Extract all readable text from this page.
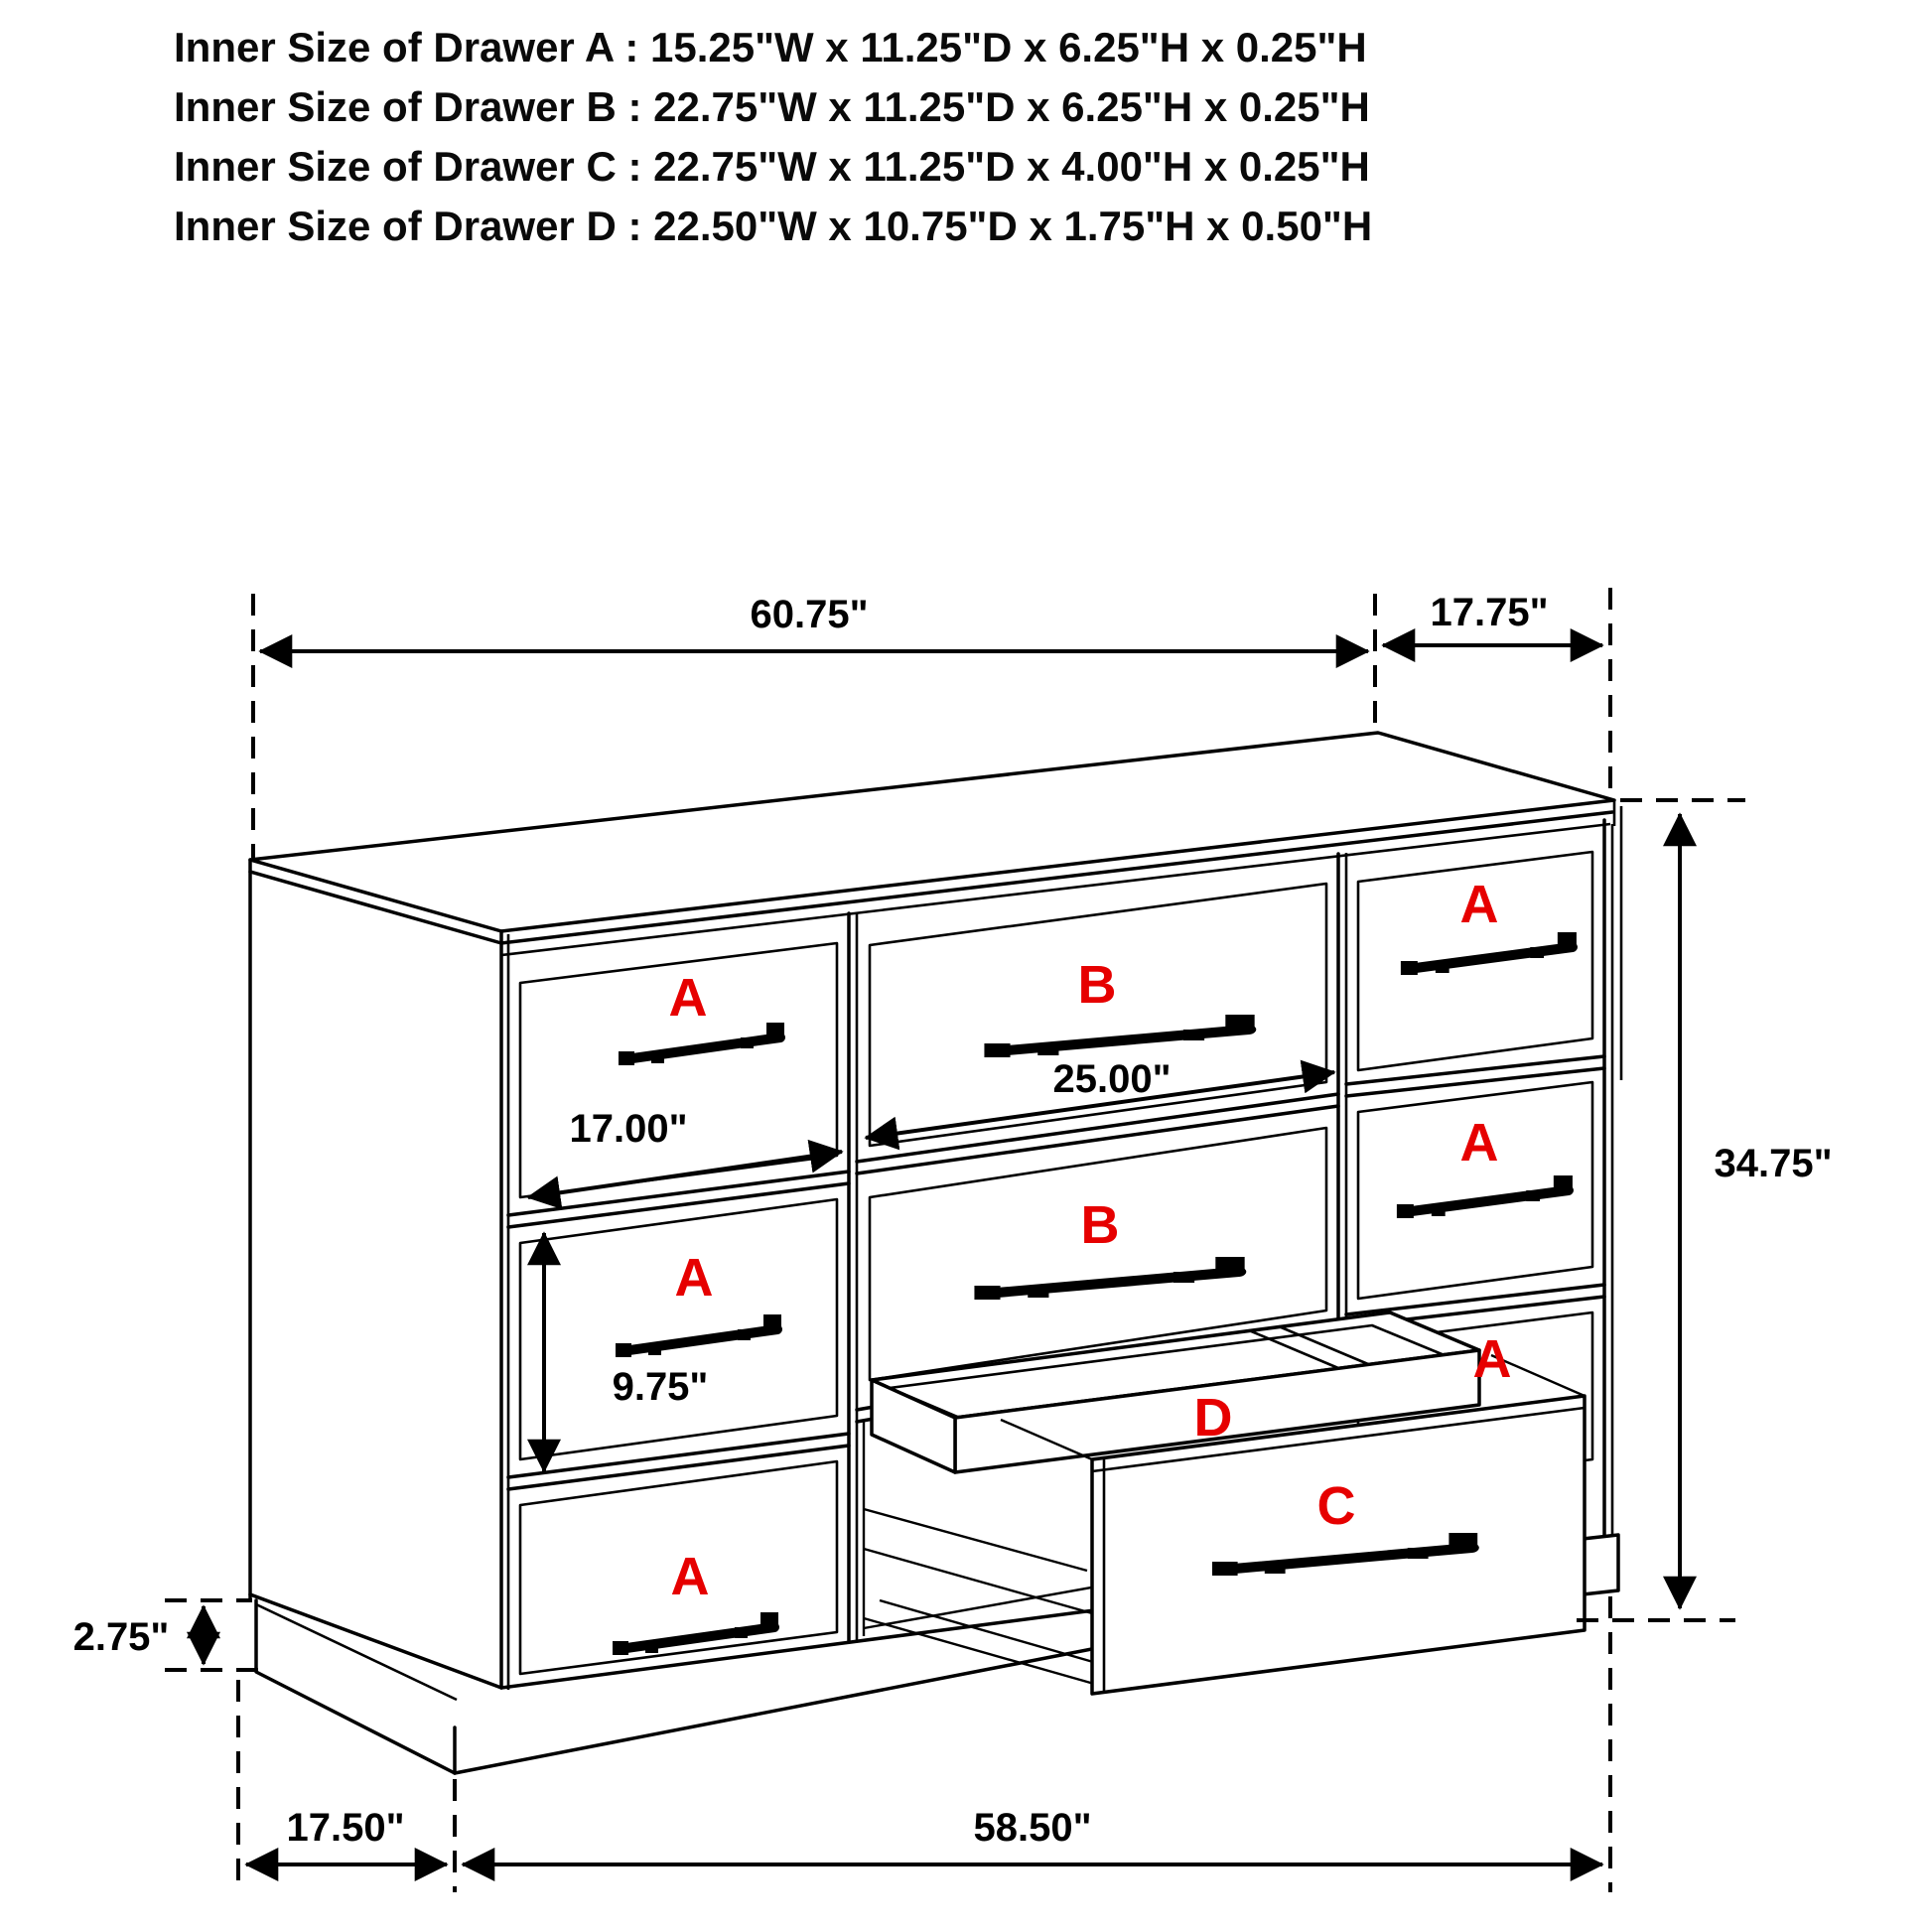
Inner Size of Drawer A : 15.25"W x 11.25"D x 6.25"H x 0.25"H
Inner Size of Drawer B : 22.75"W x 11.25"D x 6.25"H x 0.25"H
Inner Size of Drawer C : 22.75"W x 11.25"D x 4.00"H x 0.25"H
Inner Size of Drawer D : 22.50"W x 10.75"D x 1.75"H x 0.50"H
A
A
A
B
B
A
A
A
D
C
60.75"	17.75"
34.75"
17.00"
25.00"
9.75"
2.75"
17.50"	58.50"
